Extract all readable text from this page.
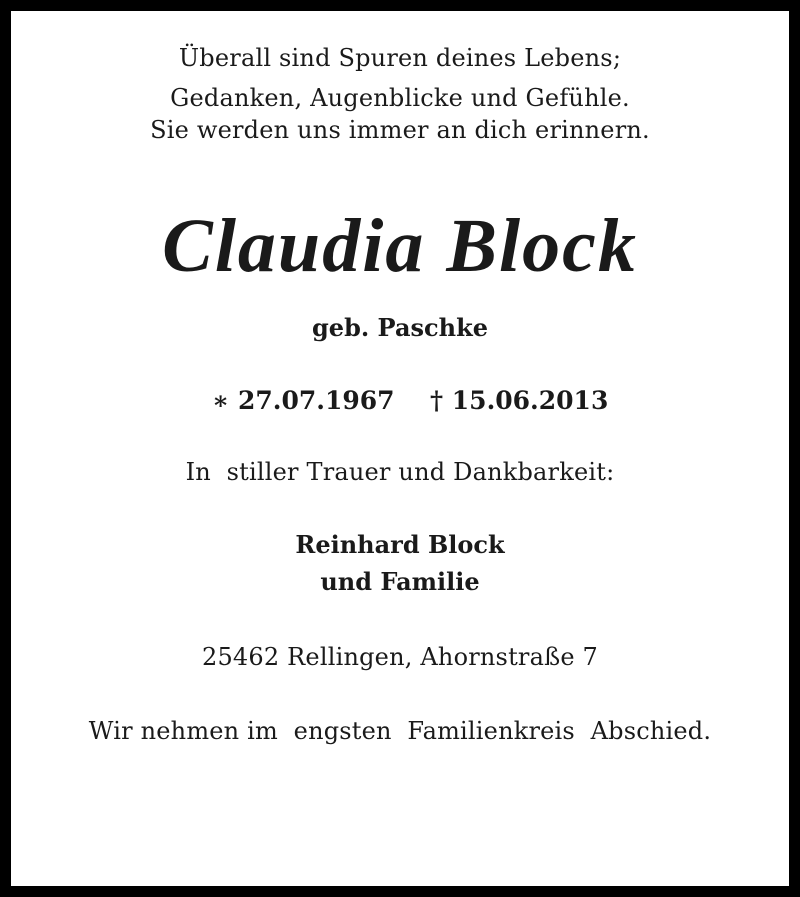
Überall sind Spuren deines Lebens;
Gedanken, Augenblicke und Gefühle.
Sie werden uns immer an dich erinnern.
Claudia Block
geb. Paschke
∗ 27.07.1967 † 15.06.2013
In  stiller Trauer und Dankbarkeit:
Reinhard Block
und Familie
25462 Rellingen, Ahornstraße 7
Wir nehmen im  engsten  Familienkreis  Abschied.
